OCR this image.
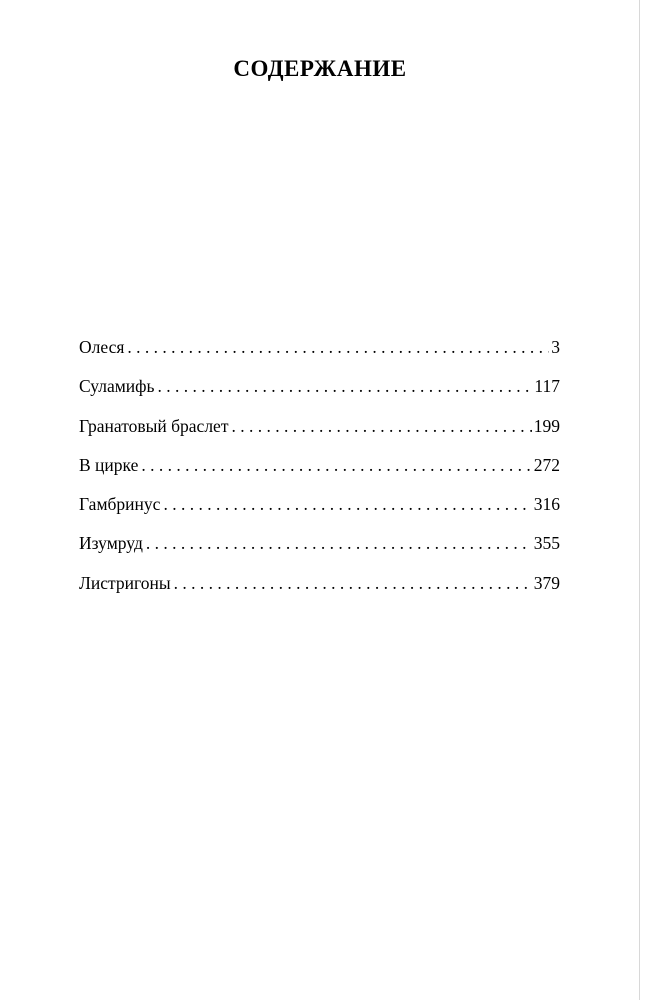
СОДЕРЖАНИЕ
Олеся . . .	3
Суламифь . . .	117
Гранатовый браслет . . .	199
В цирке . . .	272
Гамбринус . . .	316
Изумруд . . .	355
Листригоны . . .	379
